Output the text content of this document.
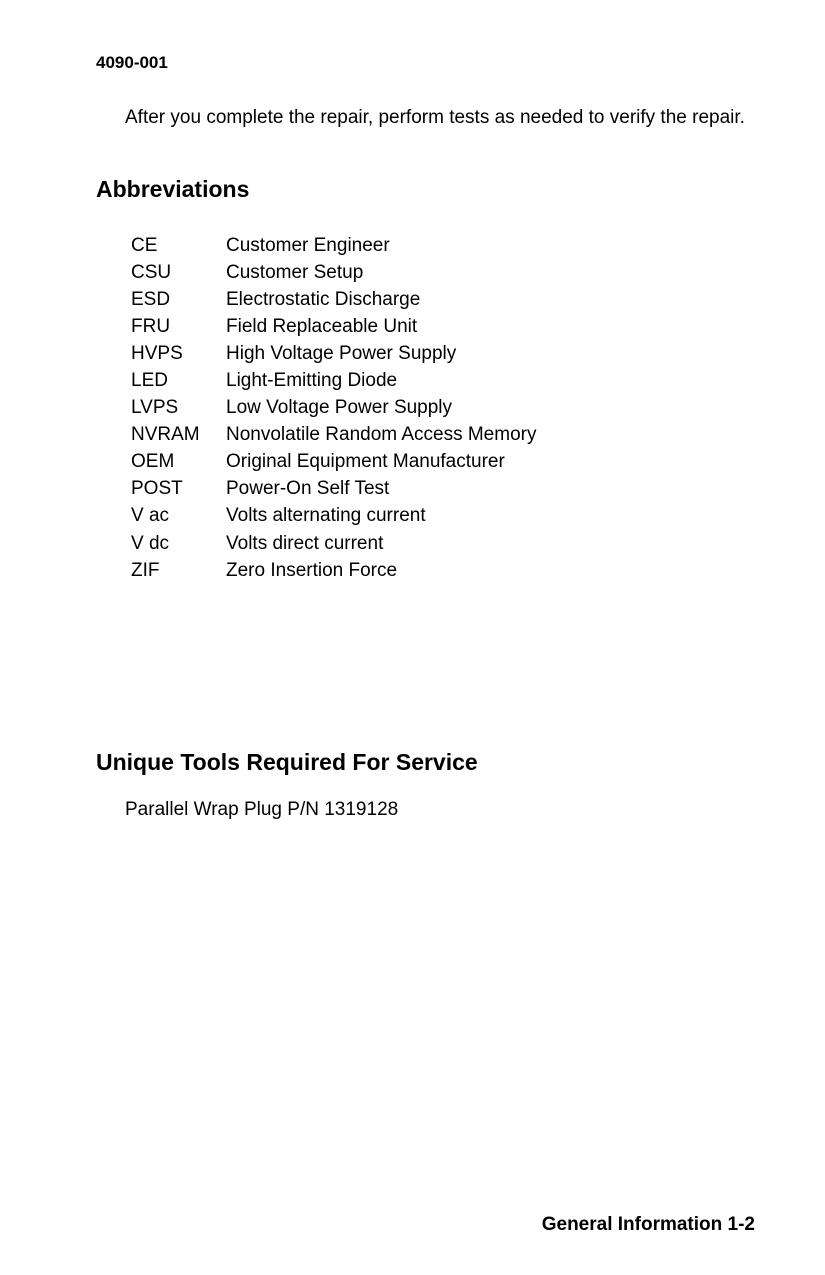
4090-001

After you complete the repair, perform tests as needed to verify the repair.

Abbreviations
CE	Customer Engineer
CSU	Customer Setup
ESD	Electrostatic Discharge
FRU	Field Replaceable Unit
HVPS	High Voltage Power Supply
LED	Light-Emitting Diode
LVPS	Low Voltage Power Supply
NVRAM	Nonvolatile Random Access Memory
OEM	Original Equipment Manufacturer
POST	Power-On Self Test
V ac	Volts alternating current
V dc	Volts direct current
ZIF	Zero Insertion Force
Unique Tools Required For Service

Parallel Wrap Plug P/N 1319128

General Information 1-2
